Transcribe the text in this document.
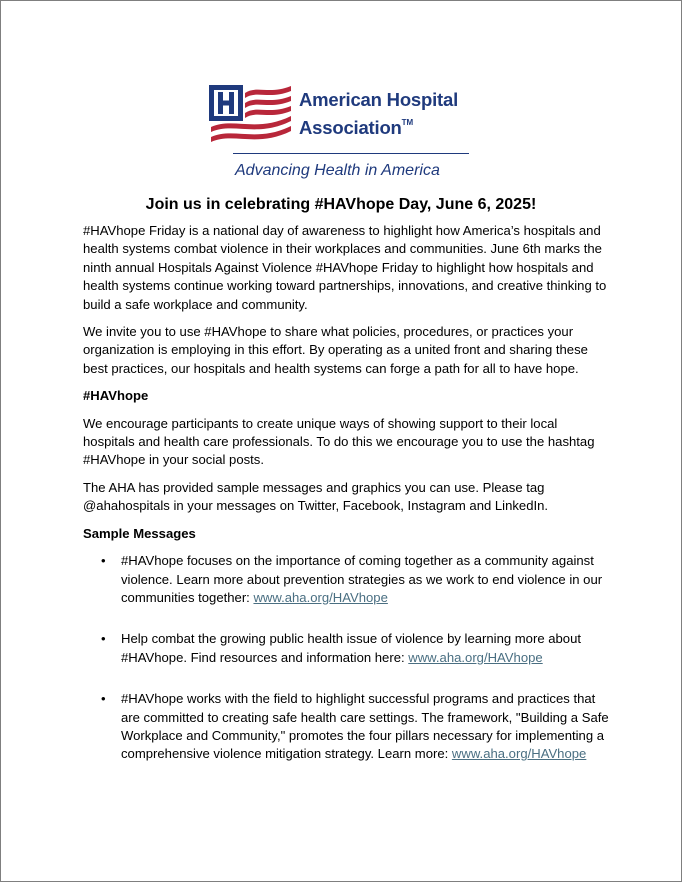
American Hospital
Association™
Advancing Health in America
Join us in celebrating #HAVhope Day, June 6, 2025!

#HAVhope Friday is a national day of awareness to highlight how America’s hospitals and health systems combat violence in their workplaces and communities. June 6th marks the ninth annual Hospitals Against Violence #HAVhope Friday to highlight how hospitals and health systems continue working toward partnerships, innovations, and creative thinking to build a safe workplace and community.

We invite you to use #HAVhope to share what policies, procedures, or practices your organization is employing in this effort. By operating as a united front and sharing these best practices, our hospitals and health systems can forge a path for all to have hope.

#HAVhope

We encourage participants to create unique ways of showing support to their local hospitals and health care professionals. To do this we encourage you to use the hashtag #HAVhope in your social posts.

The AHA has provided sample messages and graphics you can use. Please tag @ahahospitals in your messages on Twitter, Facebook, Instagram and LinkedIn.

Sample Messages
• #HAVhope focuses on the importance of coming together as a community against violence. Learn more about prevention strategies as we work to end violence in our communities together: www.aha.org/HAVhope
• Help combat the growing public health issue of violence by learning more about #HAVhope. Find resources and information here: www.aha.org/HAVhope
• #HAVhope works with the field to highlight successful programs and practices that are committed to creating safe health care settings. The framework, "Building a Safe Workplace and Community," promotes the four pillars necessary for implementing a comprehensive violence mitigation strategy. Learn more: www.aha.org/HAVhope
